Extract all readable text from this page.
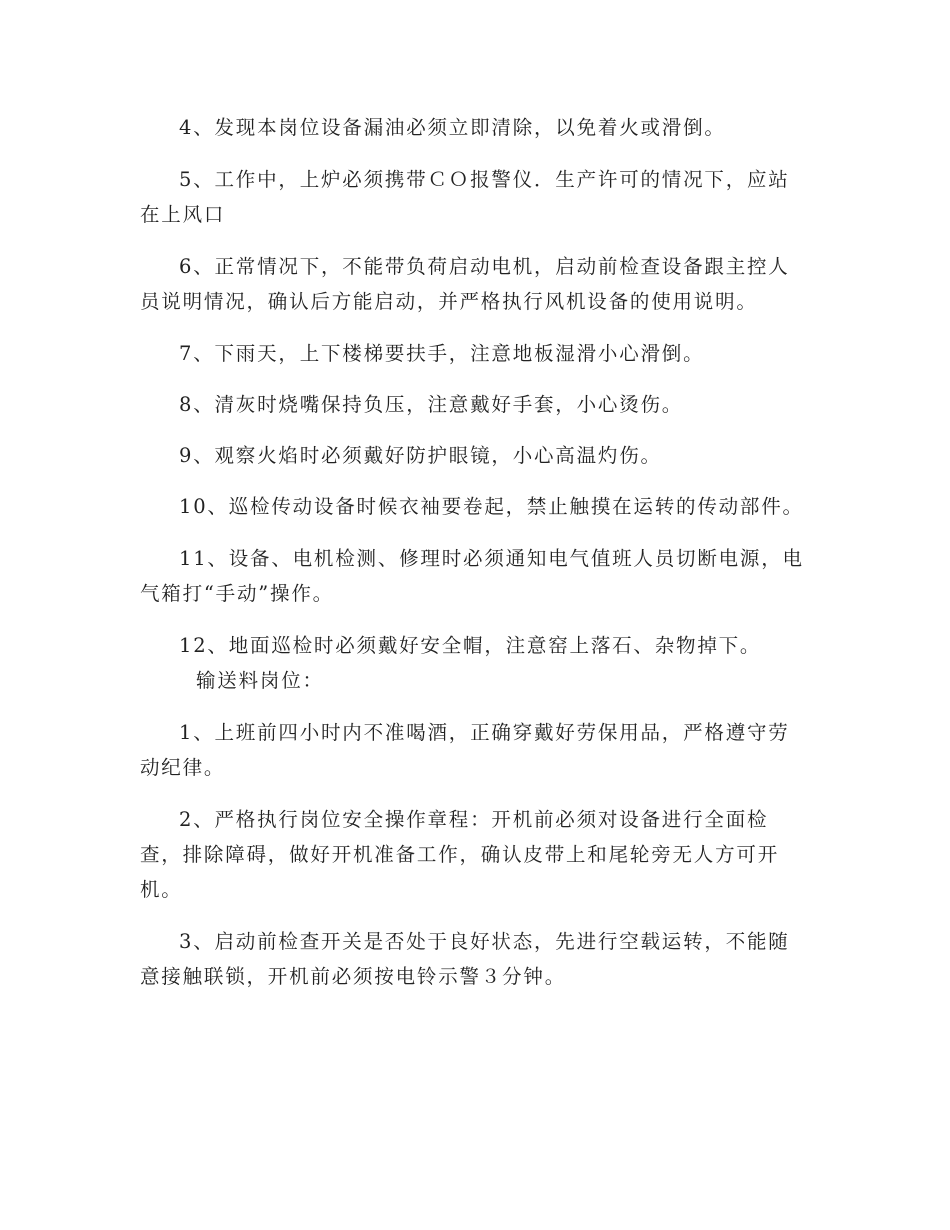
4、发现本岗位设备漏油必须立即清除，以免着火或滑倒。

5、工作中，上炉必须携带ＣＯ报警仪．生产许可的情况下，应站在上风口

6、正常情况下，不能带负荷启动电机，启动前检查设备跟主控人员说明情况，确认后方能启动，并严格执行风机设备的使用说明。

7、下雨天，上下楼梯要扶手，注意地板湿滑小心滑倒。

8、清灰时烧嘴保持负压，注意戴好手套，小心烫伤。

9、观察火焰时必须戴好防护眼镜，小心高温灼伤。

10、巡检传动设备时候衣袖要卷起，禁止触摸在运转的传动部件。

11、设备、电机检测、修理时必须通知电气值班人员切断电源，电气箱打“手动”操作。

12、地面巡检时必须戴好安全帽，注意窑上落石、杂物掉下。

输送料岗位：

1、上班前四小时内不准喝酒，正确穿戴好劳保用品，严格遵守劳动纪律。

2、严格执行岗位安全操作章程：开机前必须对设备进行全面检查，排除障碍，做好开机准备工作，确认皮带上和尾轮旁无人方可开机。

3、启动前检查开关是否处于良好状态，先进行空载运转，不能随意接触联锁，开机前必须按电铃示警３分钟。
